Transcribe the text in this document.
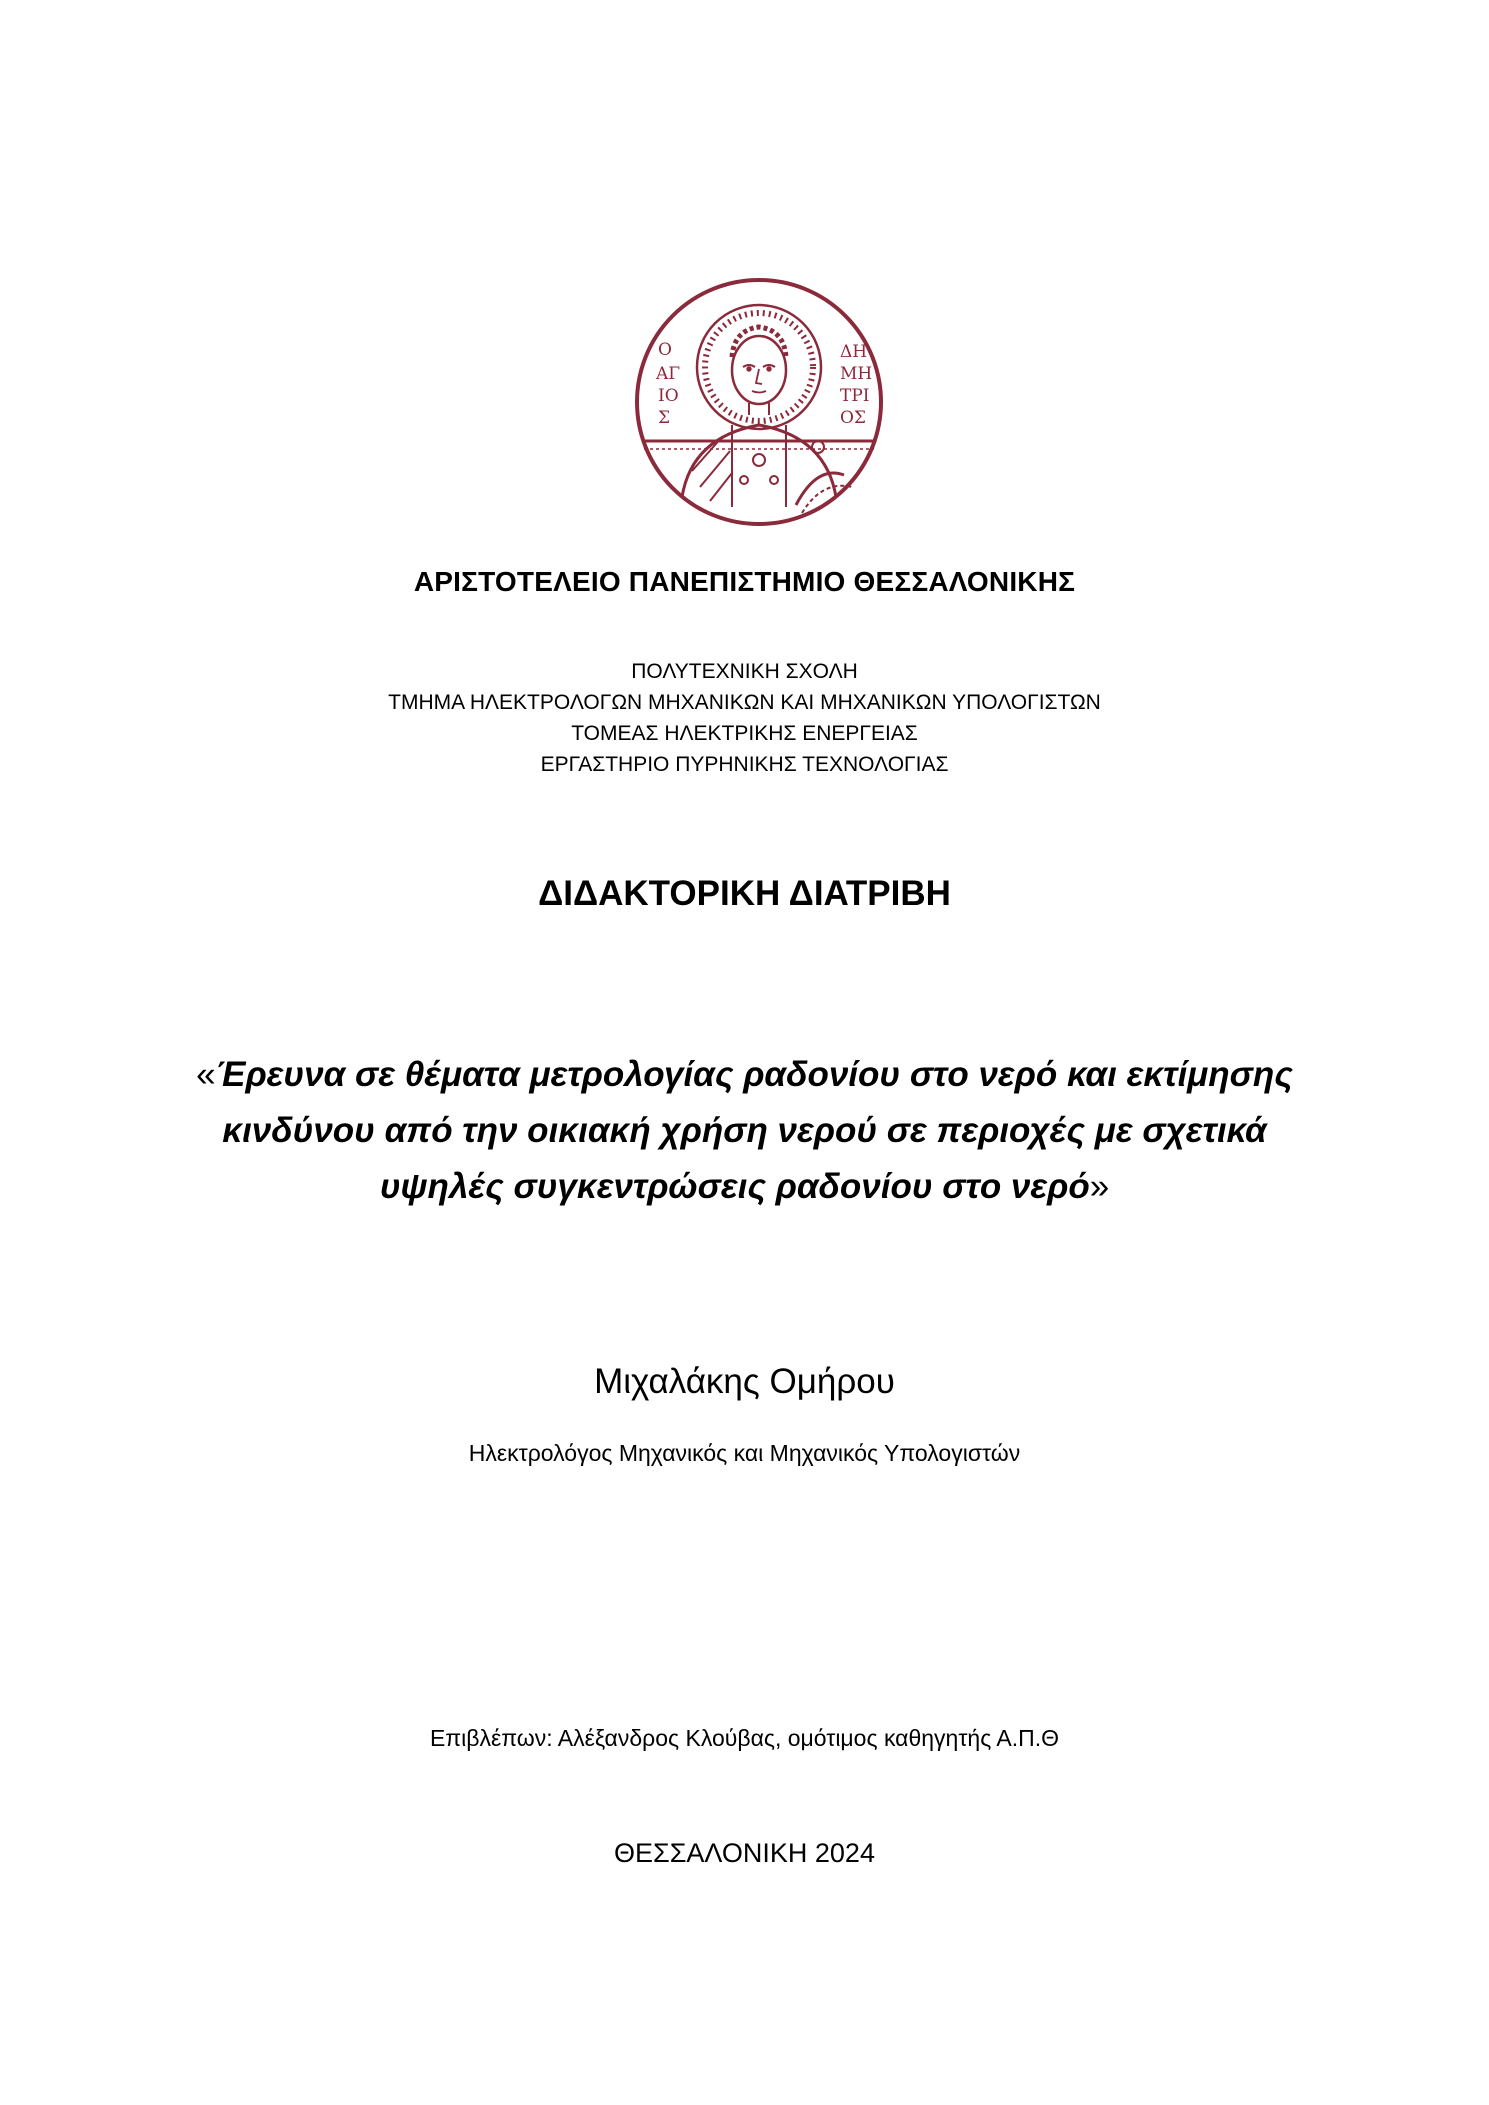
Ο
ΑΓ
ΙΟ
Σ
ΔΗ
ΜΗ
ΤΡΙ
ΟΣ

ΑΡΙΣΤΟΤΕΛΕΙΟ ΠΑΝΕΠΙΣΤΗΜΙΟ ΘΕΣΣΑΛΟΝΙΚΗΣ

ΠΟΛΥΤΕΧΝΙΚΗ ΣΧΟΛΗ
ΤΜΗΜΑ ΗΛΕΚΤΡΟΛΟΓΩΝ ΜΗΧΑΝΙΚΩΝ ΚΑΙ ΜΗΧΑΝΙΚΩΝ ΥΠΟΛΟΓΙΣΤΩΝ
ΤΟΜΕΑΣ ΗΛΕΚΤΡΙΚΗΣ ΕΝΕΡΓΕΙΑΣ
ΕΡΓΑΣΤΗΡΙΟ ΠΥΡΗΝΙΚΗΣ ΤΕΧΝΟΛΟΓΙΑΣ

ΔΙΔΑΚΤΟΡΙΚΗ ΔΙΑΤΡΙΒΗ

«Έρευνα σε θέματα μετρολογίας ραδονίου στο νερό και εκτίμησης
κινδύνου από την οικιακή χρήση νερού σε περιοχές με σχετικά
υψηλές συγκεντρώσεις ραδονίου στο νερό»

Μιχαλάκης Ομήρου

Ηλεκτρολόγος Μηχανικός και Μηχανικός Υπολογιστών

Επιβλέπων: Αλέξανδρος Κλούβας, ομότιμος καθηγητής Α.Π.Θ

ΘΕΣΣΑΛΟΝΙΚΗ 2024
